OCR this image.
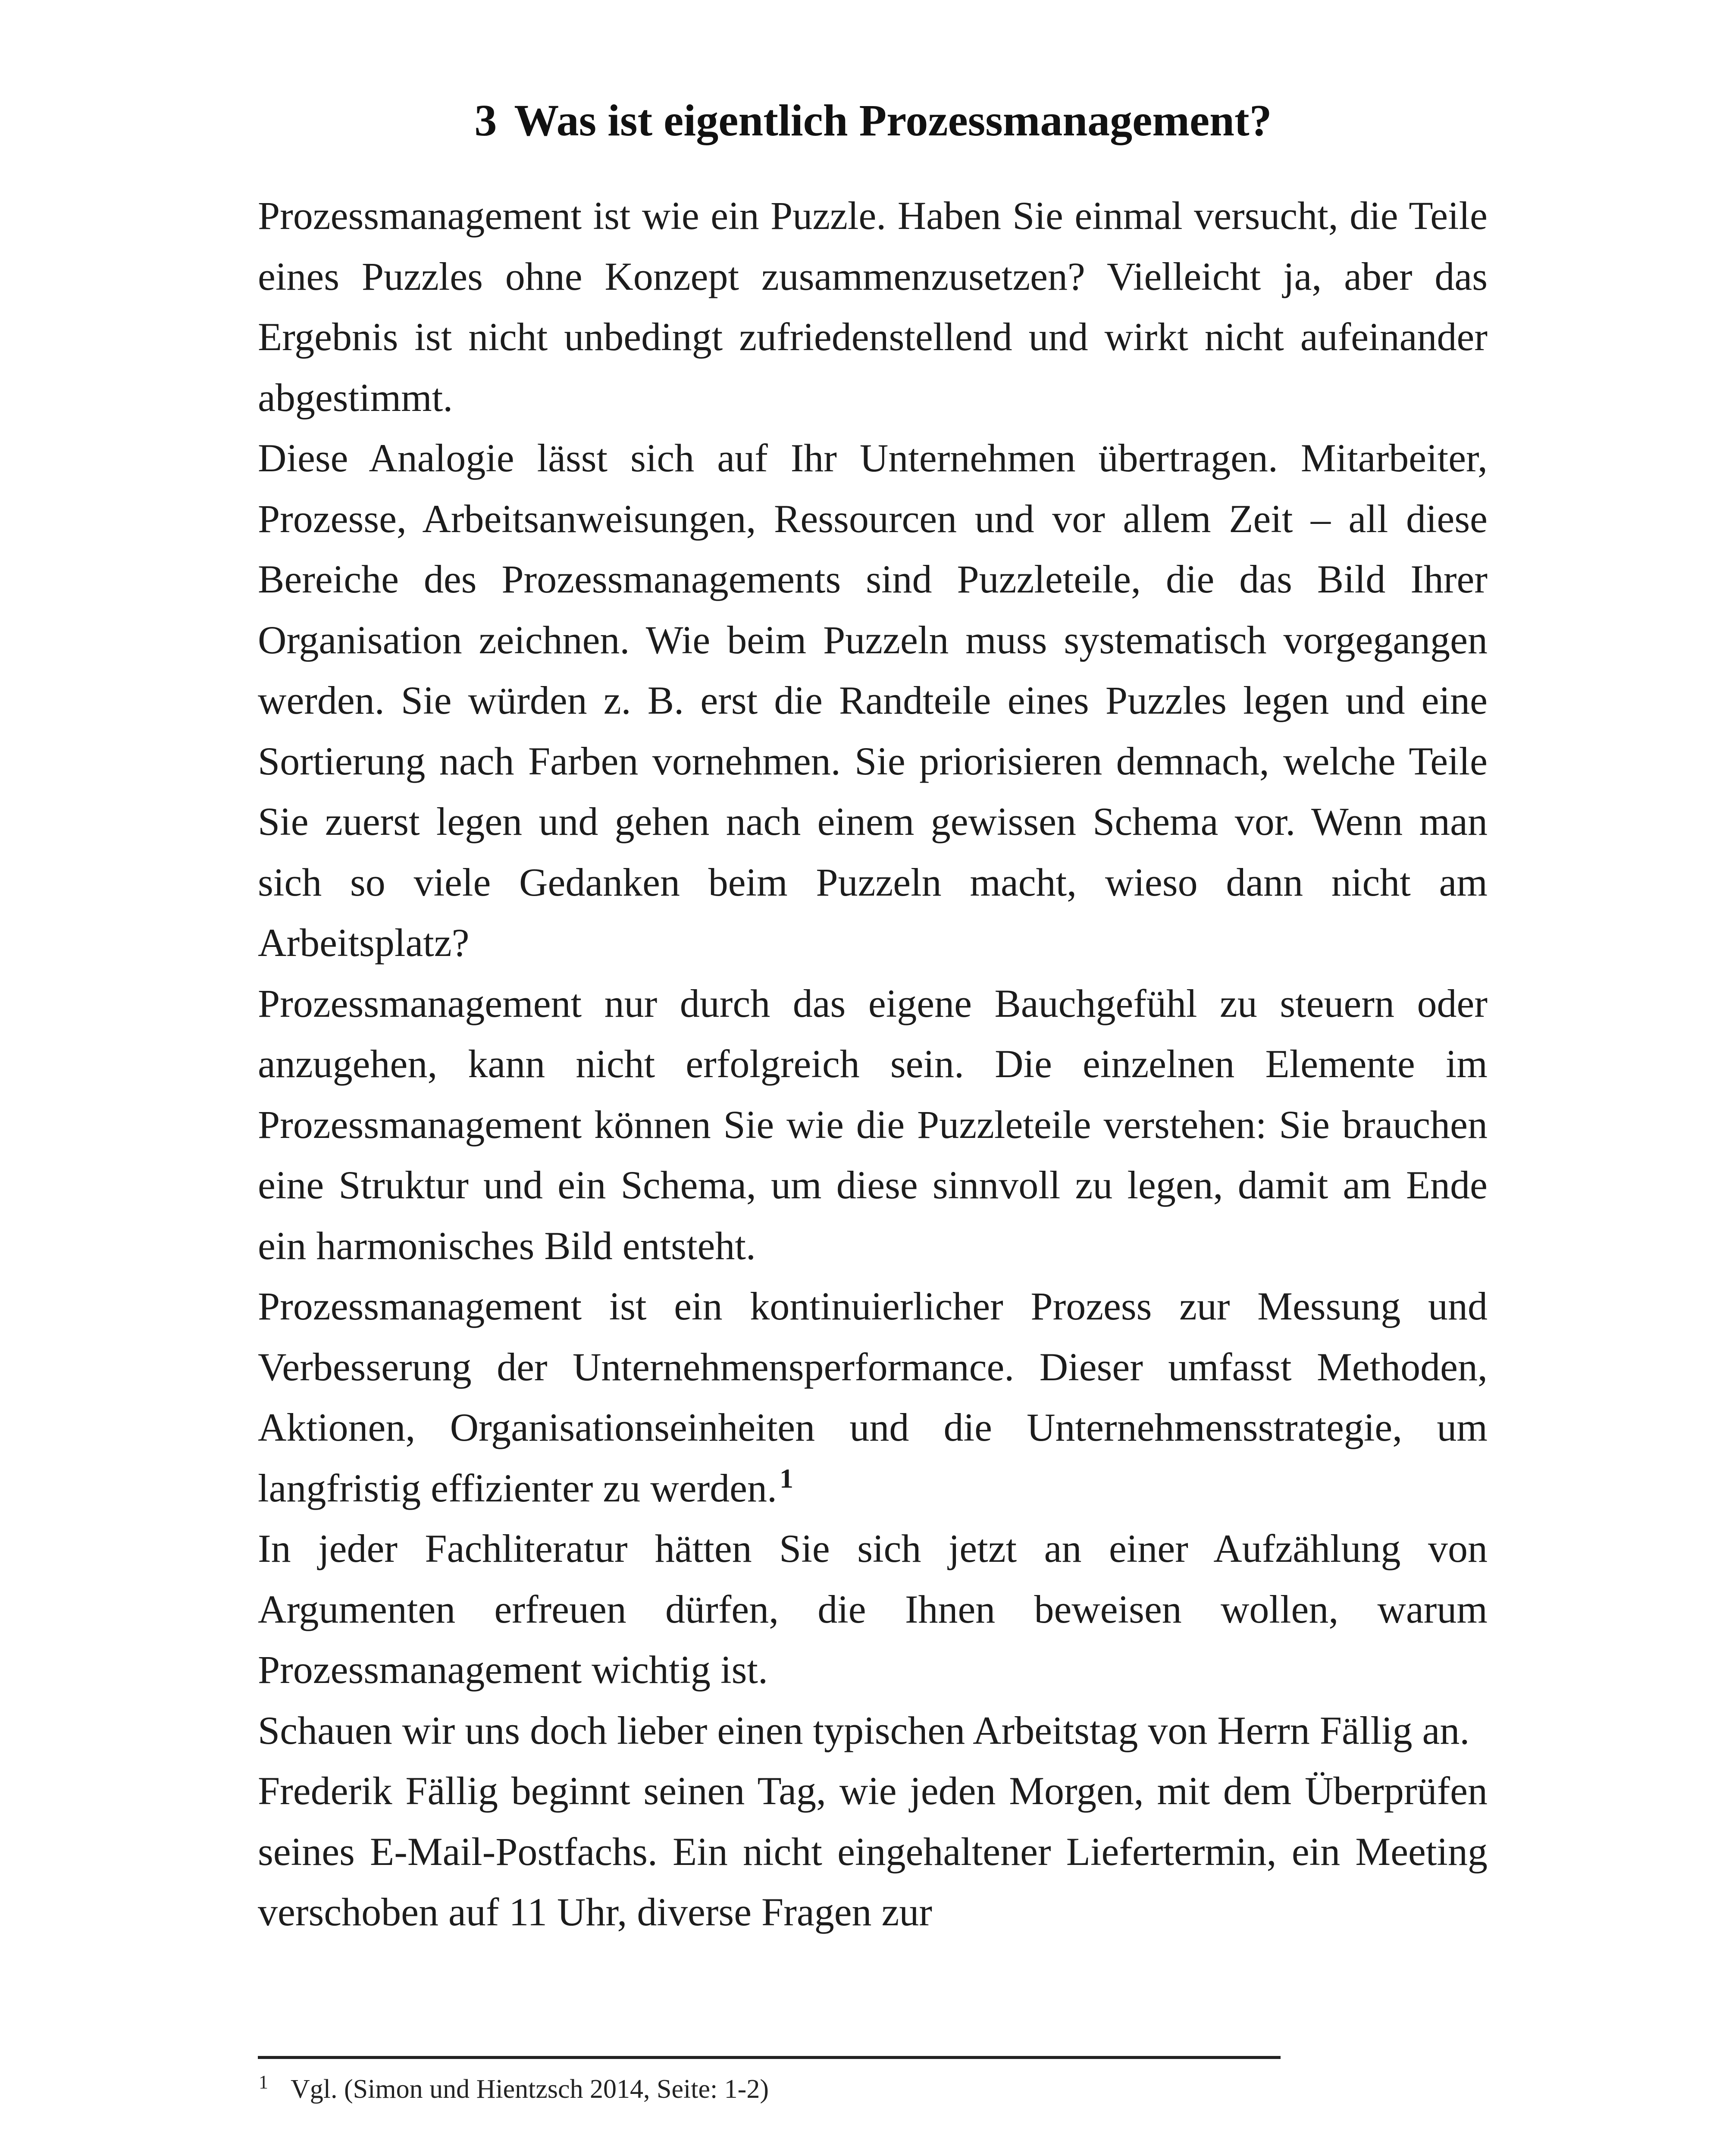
3 Was ist eigentlich Prozessmanagement?

Prozessmanagement ist wie ein Puzzle. Haben Sie einmal versucht, die Teile eines Puzzles ohne Konzept zusammenzusetzen? Vielleicht ja, aber das Ergebnis ist nicht unbedingt zufriedenstellend und wirkt nicht aufeinander abgestimmt.

Diese Analogie lässt sich auf Ihr Unternehmen übertragen. Mitarbeiter, Prozesse, Arbeitsanweisungen, Ressourcen und vor allem Zeit – all diese Bereiche des Prozessmanagements sind Puzzleteile, die das Bild Ihrer Organisation zeichnen. Wie beim Puzzeln muss systematisch vorgegangen werden. Sie würden z. B. erst die Randteile eines Puzzles legen und eine Sortierung nach Farben vornehmen. Sie priorisieren demnach, welche Teile Sie zuerst legen und gehen nach einem gewissen Schema vor. Wenn man sich so viele Gedanken beim Puzzeln macht, wieso dann nicht am Arbeitsplatz?

Prozessmanagement nur durch das eigene Bauchgefühl zu steuern oder anzugehen, kann nicht erfolgreich sein. Die einzelnen Elemente im Prozessmanagement können Sie wie die Puzzleteile verstehen: Sie brauchen eine Struktur und ein Schema, um diese sinnvoll zu legen, damit am Ende ein harmonisches Bild entsteht.

Prozessmanagement ist ein kontinuierlicher Prozess zur Messung und Verbesserung der Unternehmensperformance. Dieser umfasst Methoden, Aktionen, Organisationseinheiten und die Unternehmensstrategie, um langfristig effizienter zu werden.$^1$

In jeder Fachliteratur hätten Sie sich jetzt an einer Aufzählung von Argumenten erfreuen dürfen, die Ihnen beweisen wollen, warum Prozessmanagement wichtig ist.

Schauen wir uns doch lieber einen typischen Arbeitstag von Herrn Fällig an.

Frederik Fällig beginnt seinen Tag, wie jeden Morgen, mit dem Überprüfen seines E-Mail-Postfachs. Ein nicht eingehaltener Liefertermin, ein Meeting verschoben auf 11 Uhr, diverse Fragen zur

$^1$ Vgl. (Simon und Hientzsch 2014, Seite: 1-2)
